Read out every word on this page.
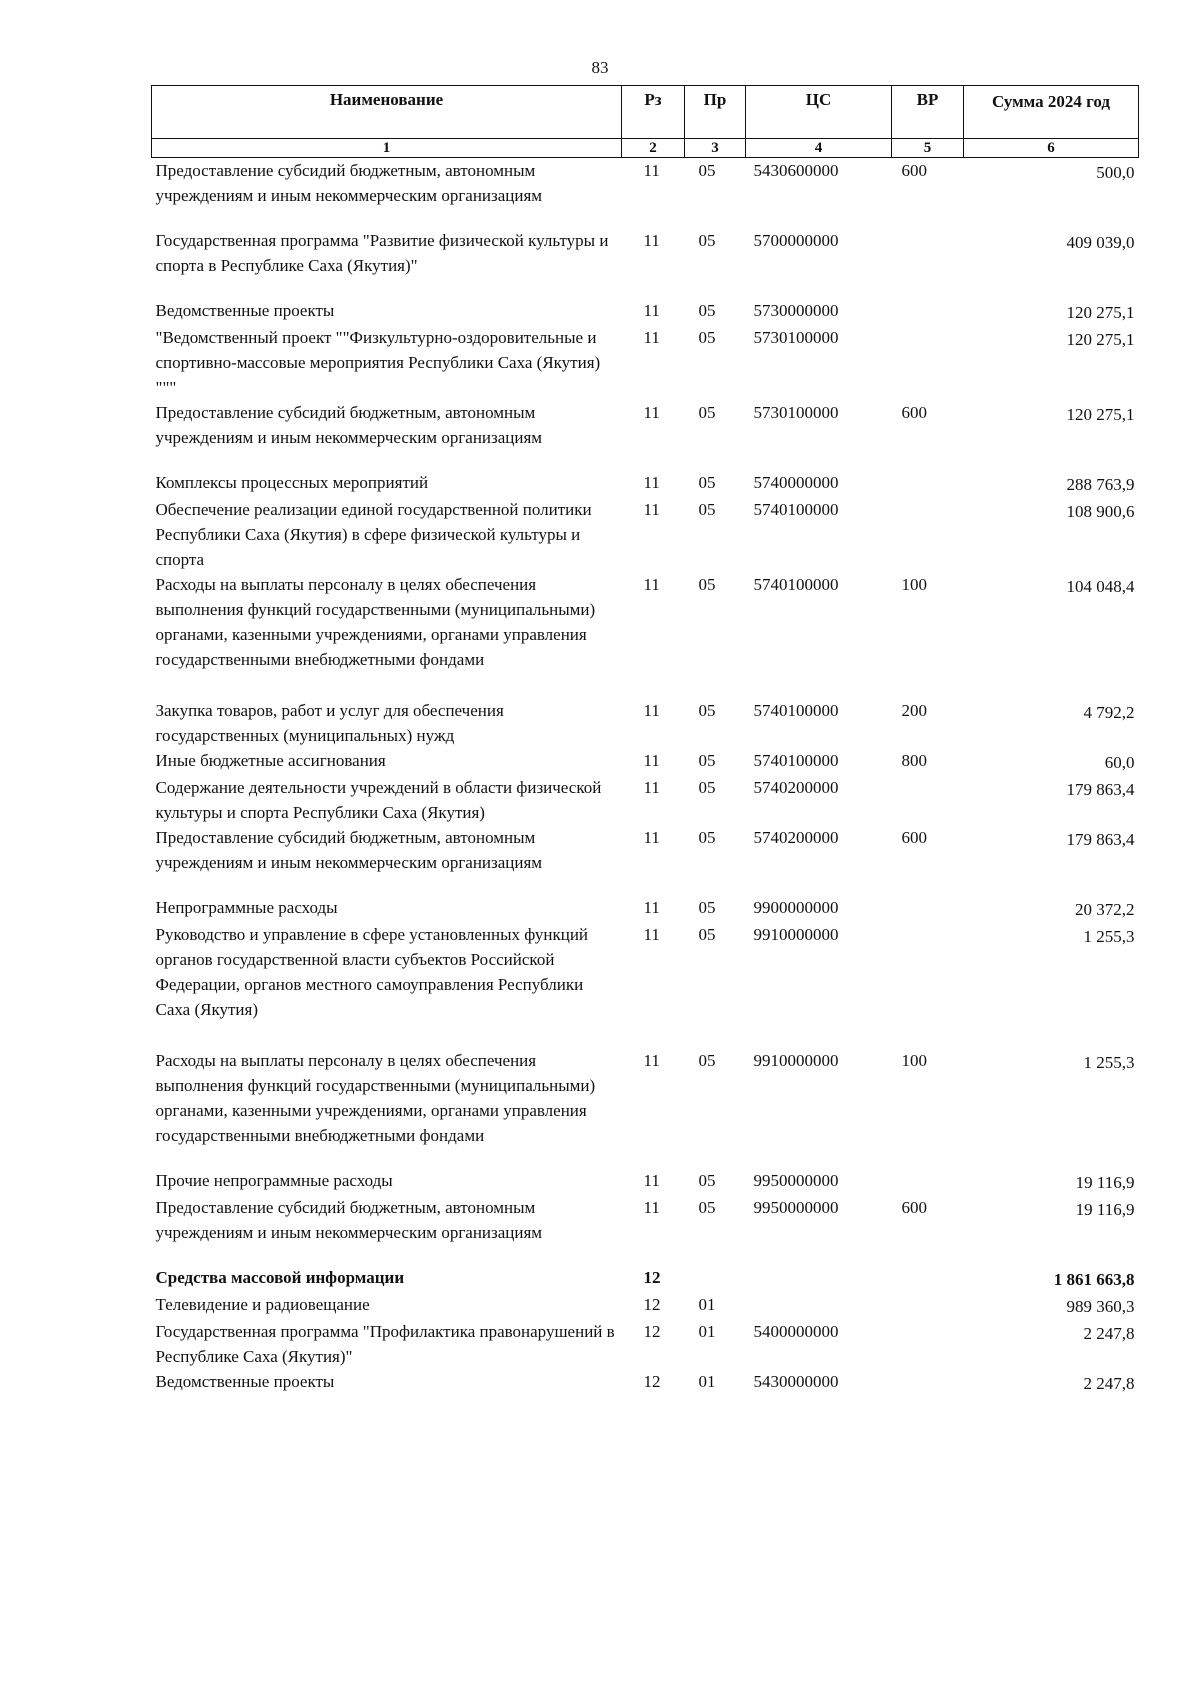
83
Наименование	Рз	Пр	ЦС	ВР	Сумма 2024 год
1	2	3	4	5	6
Предоставление субсидий бюджетным, автономным учреждениям и иным некоммерческим организациям	11	05	5430600000	600	500,0
Государственная программа "Развитие физической культуры и спорта в Республике Саха (Якутия)"	11	05	5700000000		409 039,0
Ведомственные проекты	11	05	5730000000		120 275,1
"Ведомственный проект ""Физкультурно-оздоровительные и спортивно-массовые мероприятия Республики Саха (Якутия) """	11	05	5730100000		120 275,1
Предоставление субсидий бюджетным, автономным учреждениям и иным некоммерческим организациям	11	05	5730100000	600	120 275,1
Комплексы процессных мероприятий	11	05	5740000000		288 763,9
Обеспечение реализации единой государственной политики Республики Саха (Якутия) в сфере физической культуры и спорта	11	05	5740100000		108 900,6
Расходы на выплаты персоналу в целях обеспечения выполнения функций государственными (муниципальными) органами, казенными учреждениями, органами управления государственными внебюджетными фондами	11	05	5740100000	100	104 048,4
Закупка товаров, работ и услуг для обеспечения государственных (муниципальных) нужд	11	05	5740100000	200	4 792,2
Иные бюджетные ассигнования	11	05	5740100000	800	60,0
Содержание деятельности учреждений в области физической культуры и спорта Республики Саха (Якутия)	11	05	5740200000		179 863,4
Предоставление субсидий бюджетным, автономным учреждениям и иным некоммерческим организациям	11	05	5740200000	600	179 863,4
Непрограммные расходы	11	05	9900000000		20 372,2
Руководство и управление в сфере установленных функций органов государственной власти субъектов Российской Федерации, органов местного самоуправления Республики Саха (Якутия)	11	05	9910000000		1 255,3
Расходы на выплаты персоналу в целях обеспечения выполнения функций государственными (муниципальными) органами, казенными учреждениями, органами управления государственными внебюджетными фондами	11	05	9910000000	100	1 255,3
Прочие непрограммные расходы	11	05	9950000000		19 116,9
Предоставление субсидий бюджетным, автономным учреждениям и иным некоммерческим организациям	11	05	9950000000	600	19 116,9
Средства массовой информации	12				1 861 663,8
Телевидение и радиовещание	12	01			989 360,3
Государственная программа "Профилактика правонарушений в Республике Саха (Якутия)"	12	01	5400000000		2 247,8
Ведомственные проекты	12	01	5430000000		2 247,8
